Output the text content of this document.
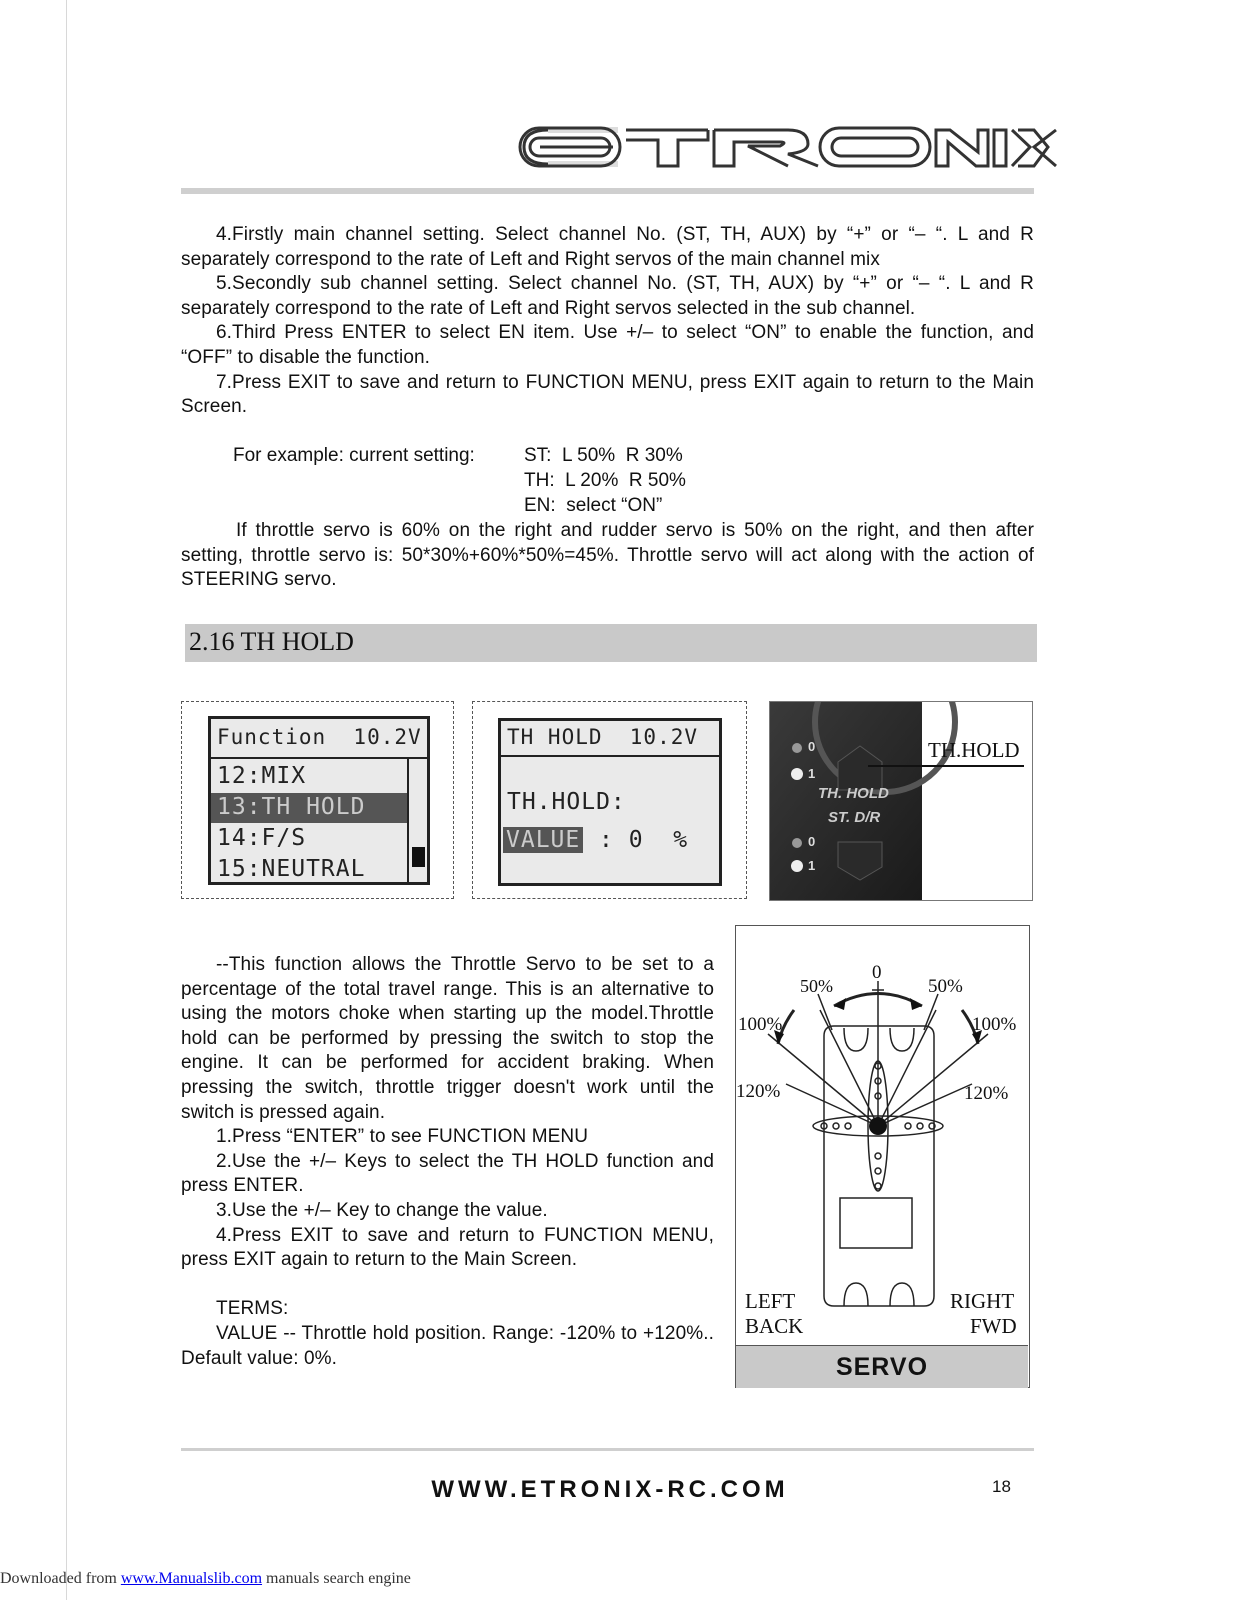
4.Firstly main channel setting. Select channel No. (ST, TH, AUX) by “+” or “– “. L and R separately correspond to the rate of Left and Right servos of the main channel mix

5.Secondly sub channel setting. Select channel No. (ST, TH, AUX) by “+” or “– “. L and R separately correspond to the rate of Left and Right servos selected in the sub channel.

6.Third Press ENTER to select EN item. Use +/– to select “ON” to enable the function, and “OFF” to disable the function.

7.Press EXIT to save and return to FUNCTION MENU, press EXIT again to return to the Main Screen.

For example: current setting:	ST:  L 50%  R 30%
TH:  L 20%  R 50%
EN:  select “ON”

If throttle servo is 60% on the right and rudder servo is 50% on the right, and then after setting, throttle servo is: 50*30%+60%*50%=45%. Throttle servo will act along with the action of STEERING servo.

2.16 TH HOLD
Function  10.2V
12:MIX
13:TH HOLD
14:F/S
15:NEUTRAL
TH HOLD  10.2V
TH.HOLD:
VALUE : 0  %
0
1
TH. HOLD
ST. D/R
0
1
TH.HOLD

--This function allows the Throttle Servo to be set to a percentage of the total travel range. This is an alternative to using the motors choke when starting up the model.Throttle hold can be performed by pressing the switch to stop the engine. It can be performed for accident braking. When pressing the switch, throttle trigger doesn't work until the switch is pressed again.

1.Press “ENTER” to see FUNCTION MENU

2.Use the +/– Keys to select the TH HOLD function and press ENTER.

3.Use the +/– Key to change the value.

4.Press EXIT to save and return to FUNCTION MENU, press EXIT again to return to the Main Screen.

TERMS:

VALUE -- Throttle hold position. Range: -120% to +120%.. Default value: 0%.

0
50%	50%
100%	100%
120%	120%
LEFT
BACK
RIGHT
FWD
SERVO
WWW.ETRONIX-RC.COM	18
Downloaded from www.Manualslib.com manuals search engine
